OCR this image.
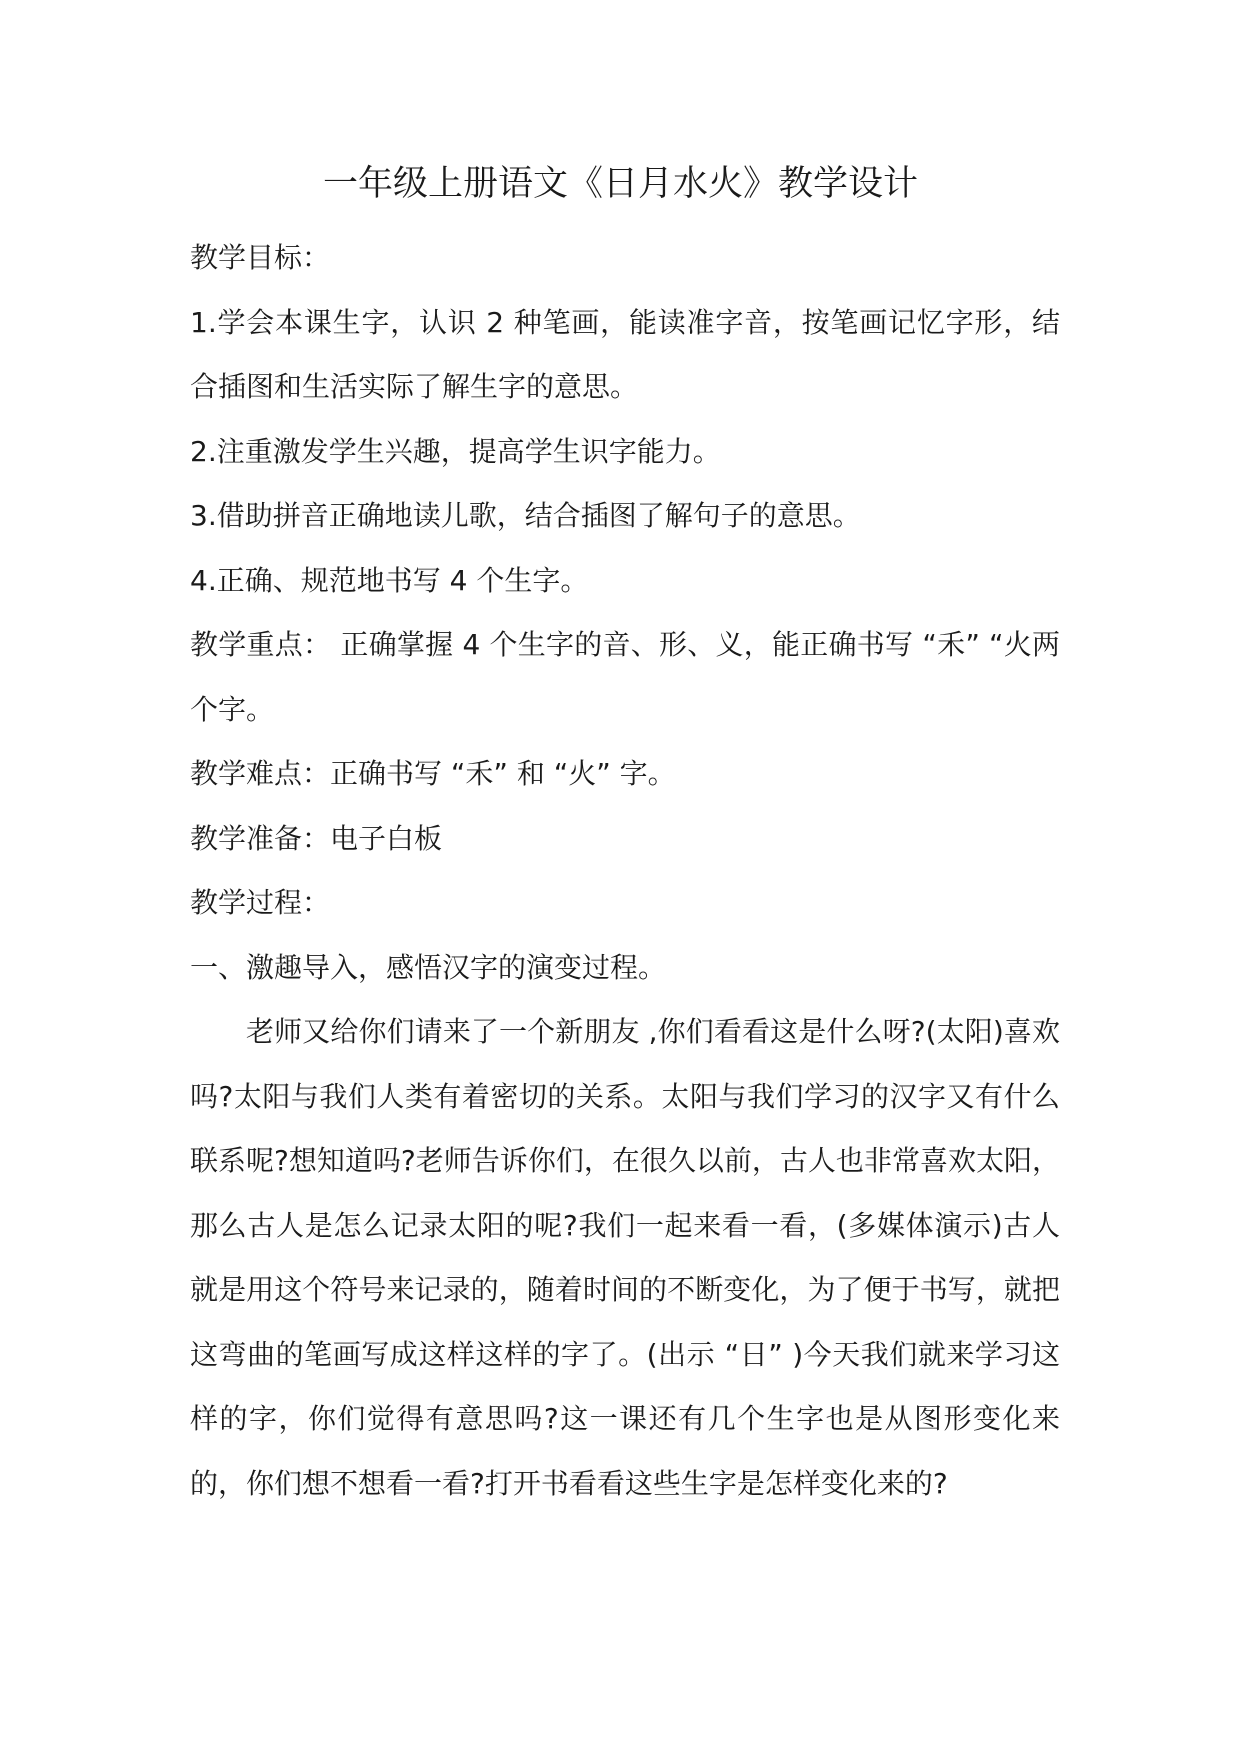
一年级上册语文《日月水火》教学设计

教学目标：

1.学会本课生字，认识 2 种笔画，能读准字音，按笔画记忆字形，结合插图和生活实际了解生字的意思。

2.注重激发学生兴趣，提高学生识字能力。

3.借助拼音正确地读儿歌，结合插图了解句子的意思。

4.正确、规范地书写 4 个生字。

教学重点： 正确掌握 4 个生字的音、形、义，能正确书写 “禾” “火两个字。

教学难点：正确书写 “禾” 和 “火” 字。

教学准备：电子白板

教学过程：

一、激趣导入，感悟汉字的演变过程。

老师又给你们请来了一个新朋友 ,你们看看这是什么呀?(太阳)喜欢吗?太阳与我们人类有着密切的关系。太阳与我们学习的汉字又有什么联系呢?想知道吗?老师告诉你们，在很久以前，古人也非常喜欢太阳，那么古人是怎么记录太阳的呢?我们一起来看一看，(多媒体演示)古人就是用这个符号来记录的，随着时间的不断变化，为了便于书写，就把这弯曲的笔画写成这样这样的字了。(出示 “日” )今天我们就来学习这样的字，你们觉得有意思吗?这一课还有几个生字也是从图形变化来的，你们想不想看一看?打开书看看这些生字是怎样变化来的?
